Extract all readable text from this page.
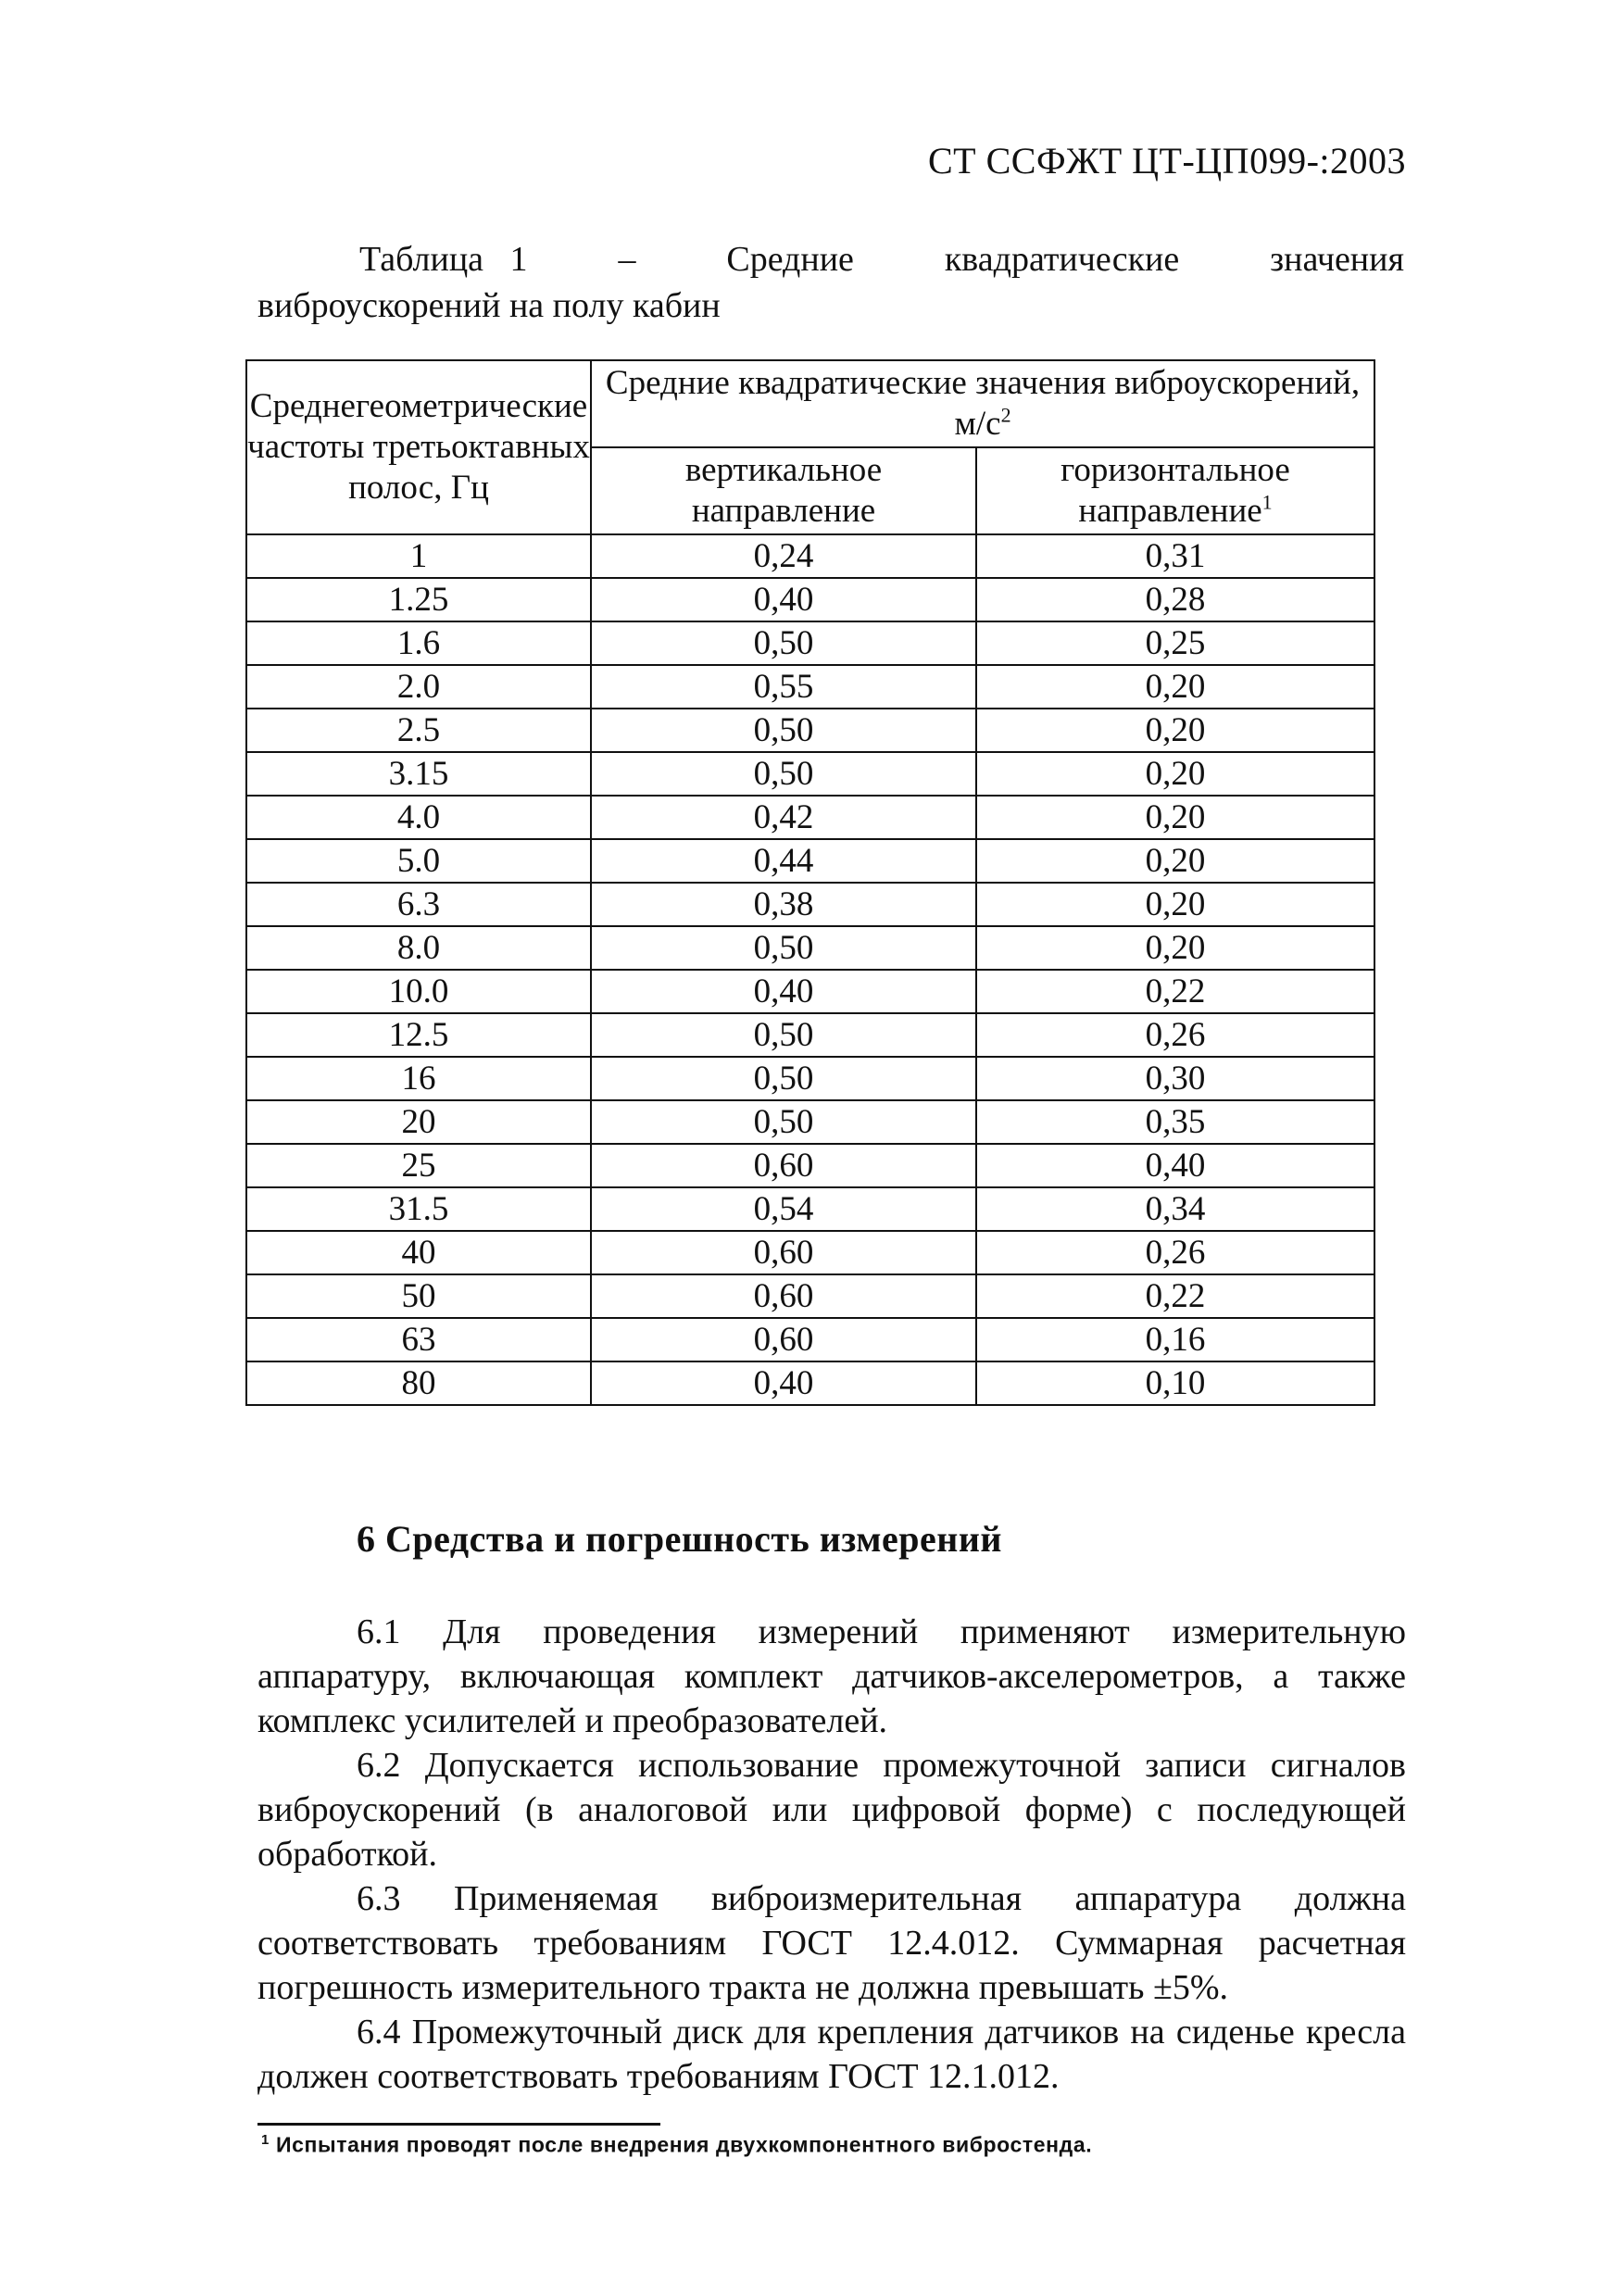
СТ ССФЖТ ЦТ-ЦП099-:2003
Таблица 1	–	Средние	квадратические	значения
виброускорений на полу кабин
Среднегеометрические частоты третьоктавных полос, Гц	Средние квадратические значения виброускорений, $м/с^2$
	вертикальное направление	горизонтальное направление$^1$
1	0,24	0,31
1.25	0,40	0,28
1.6	0,50	0,25
2.0	0,55	0,20
2.5	0,50	0,20
3.15	0,50	0,20
4.0	0,42	0,20
5.0	0,44	0,20
6.3	0,38	0,20
8.0	0,50	0,20
10.0	0,40	0,22
12.5	0,50	0,26
16	0,50	0,30
20	0,50	0,35
25	0,60	0,40
31.5	0,54	0,34
40	0,60	0,26
50	0,60	0,22
63	0,60	0,16
80	0,40	0,10
6 Средства и погрешность измерений

6.1 Для проведения измерений применяют измерительную аппаратуру, включающая комплект датчиков-акселерометров, а также комплекс усилителей и преобразователей.

6.2 Допускается использование промежуточной записи сигналов виброускорений (в аналоговой или цифровой форме) с последующей обработкой.

6.3 Применяемая виброизмерительная аппаратура должна соответствовать требованиям ГОСТ 12.4.012. Суммарная расчетная погрешность измерительного тракта не должна превышать ±5%.

6.4 Промежуточный диск для крепления датчиков на сиденье кресла должен соответствовать требованиям ГОСТ 12.1.012.

$^1$ Испытания проводят после внедрения двухкомпонентного вибростенда.
